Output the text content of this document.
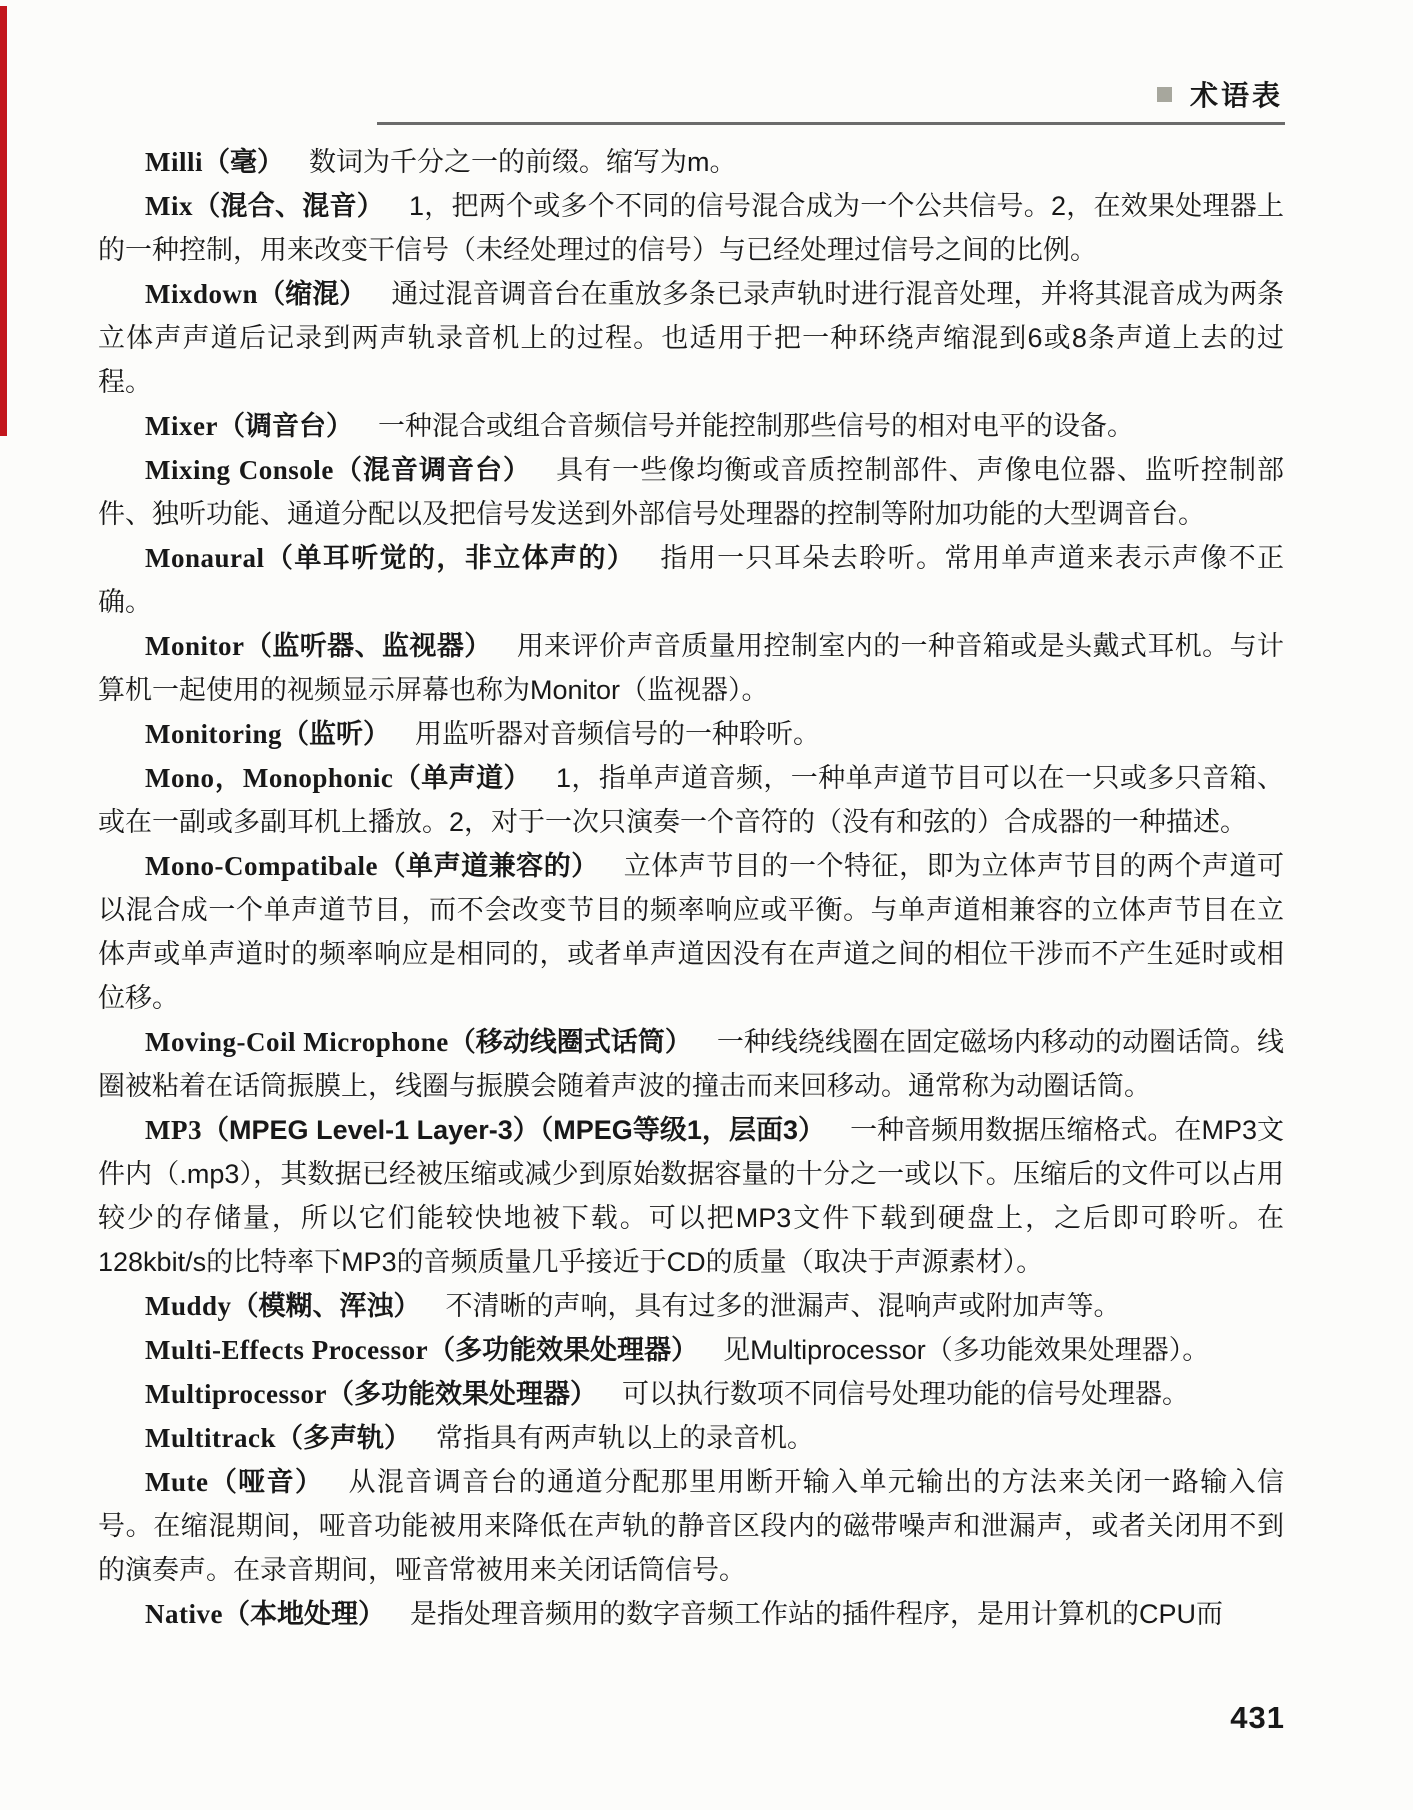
术语表

Milli（毫） 数词为千分之一的前缀。缩写为m。

Mix（混合、混音） 1，把两个或多个不同的信号混合成为一个公共信号。2，在效果处理器上的一种控制，用来改变干信号（未经处理过的信号）与已经处理过信号之间的比例。

Mixdown（缩混） 通过混音调音台在重放多条已录声轨时进行混音处理，并将其混音成为两条立体声声道后记录到两声轨录音机上的过程。也适用于把一种环绕声缩混到6或8条声道上去的过程。

Mixer（调音台） 一种混合或组合音频信号并能控制那些信号的相对电平的设备。

Mixing Console（混音调音台） 具有一些像均衡或音质控制部件、声像电位器、监听控制部件、独听功能、通道分配以及把信号发送到外部信号处理器的控制等附加功能的大型调音台。

Monaural（单耳听觉的，非立体声的） 指用一只耳朵去聆听。常用单声道来表示声像不正确。

Monitor（监听器、监视器） 用来评价声音质量用控制室内的一种音箱或是头戴式耳机。与计算机一起使用的视频显示屏幕也称为Monitor（监视器）。

Monitoring（监听） 用监听器对音频信号的一种聆听。

Mono，Monophonic（单声道） 1，指单声道音频，一种单声道节目可以在一只或多只音箱、或在一副或多副耳机上播放。2，对于一次只演奏一个音符的（没有和弦的）合成器的一种描述。

Mono-Compatibale（单声道兼容的） 立体声节目的一个特征，即为立体声节目的两个声道可以混合成一个单声道节目，而不会改变节目的频率响应或平衡。与单声道相兼容的立体声节目在立体声或单声道时的频率响应是相同的，或者单声道因没有在声道之间的相位干涉而不产生延时或相位移。

Moving-Coil Microphone（移动线圈式话筒） 一种线绕线圈在固定磁场内移动的动圈话筒。线圈被粘着在话筒振膜上，线圈与振膜会随着声波的撞击而来回移动。通常称为动圈话筒。

MP3（MPEG Level-1 Layer-3）（MPEG等级1，层面3） 一种音频用数据压缩格式。在MP3文件内（.mp3），其数据已经被压缩或减少到原始数据容量的十分之一或以下。压缩后的文件可以占用较少的存储量，所以它们能较快地被下载。可以把MP3文件下载到硬盘上，之后即可聆听。在128kbit/s的比特率下MP3的音频质量几乎接近于CD的质量（取决于声源素材）。

Muddy（模糊、浑浊） 不清晰的声响，具有过多的泄漏声、混响声或附加声等。

Multi-Effects Processor（多功能效果处理器） 见Multiprocessor（多功能效果处理器）。

Multiprocessor（多功能效果处理器） 可以执行数项不同信号处理功能的信号处理器。

Multitrack（多声轨） 常指具有两声轨以上的录音机。

Mute（哑音） 从混音调音台的通道分配那里用断开输入单元输出的方法来关闭一路输入信号。在缩混期间，哑音功能被用来降低在声轨的静音区段内的磁带噪声和泄漏声，或者关闭用不到的演奏声。在录音期间，哑音常被用来关闭话筒信号。

Native（本地处理） 是指处理音频用的数字音频工作站的插件程序，是用计算机的CPU而

431
